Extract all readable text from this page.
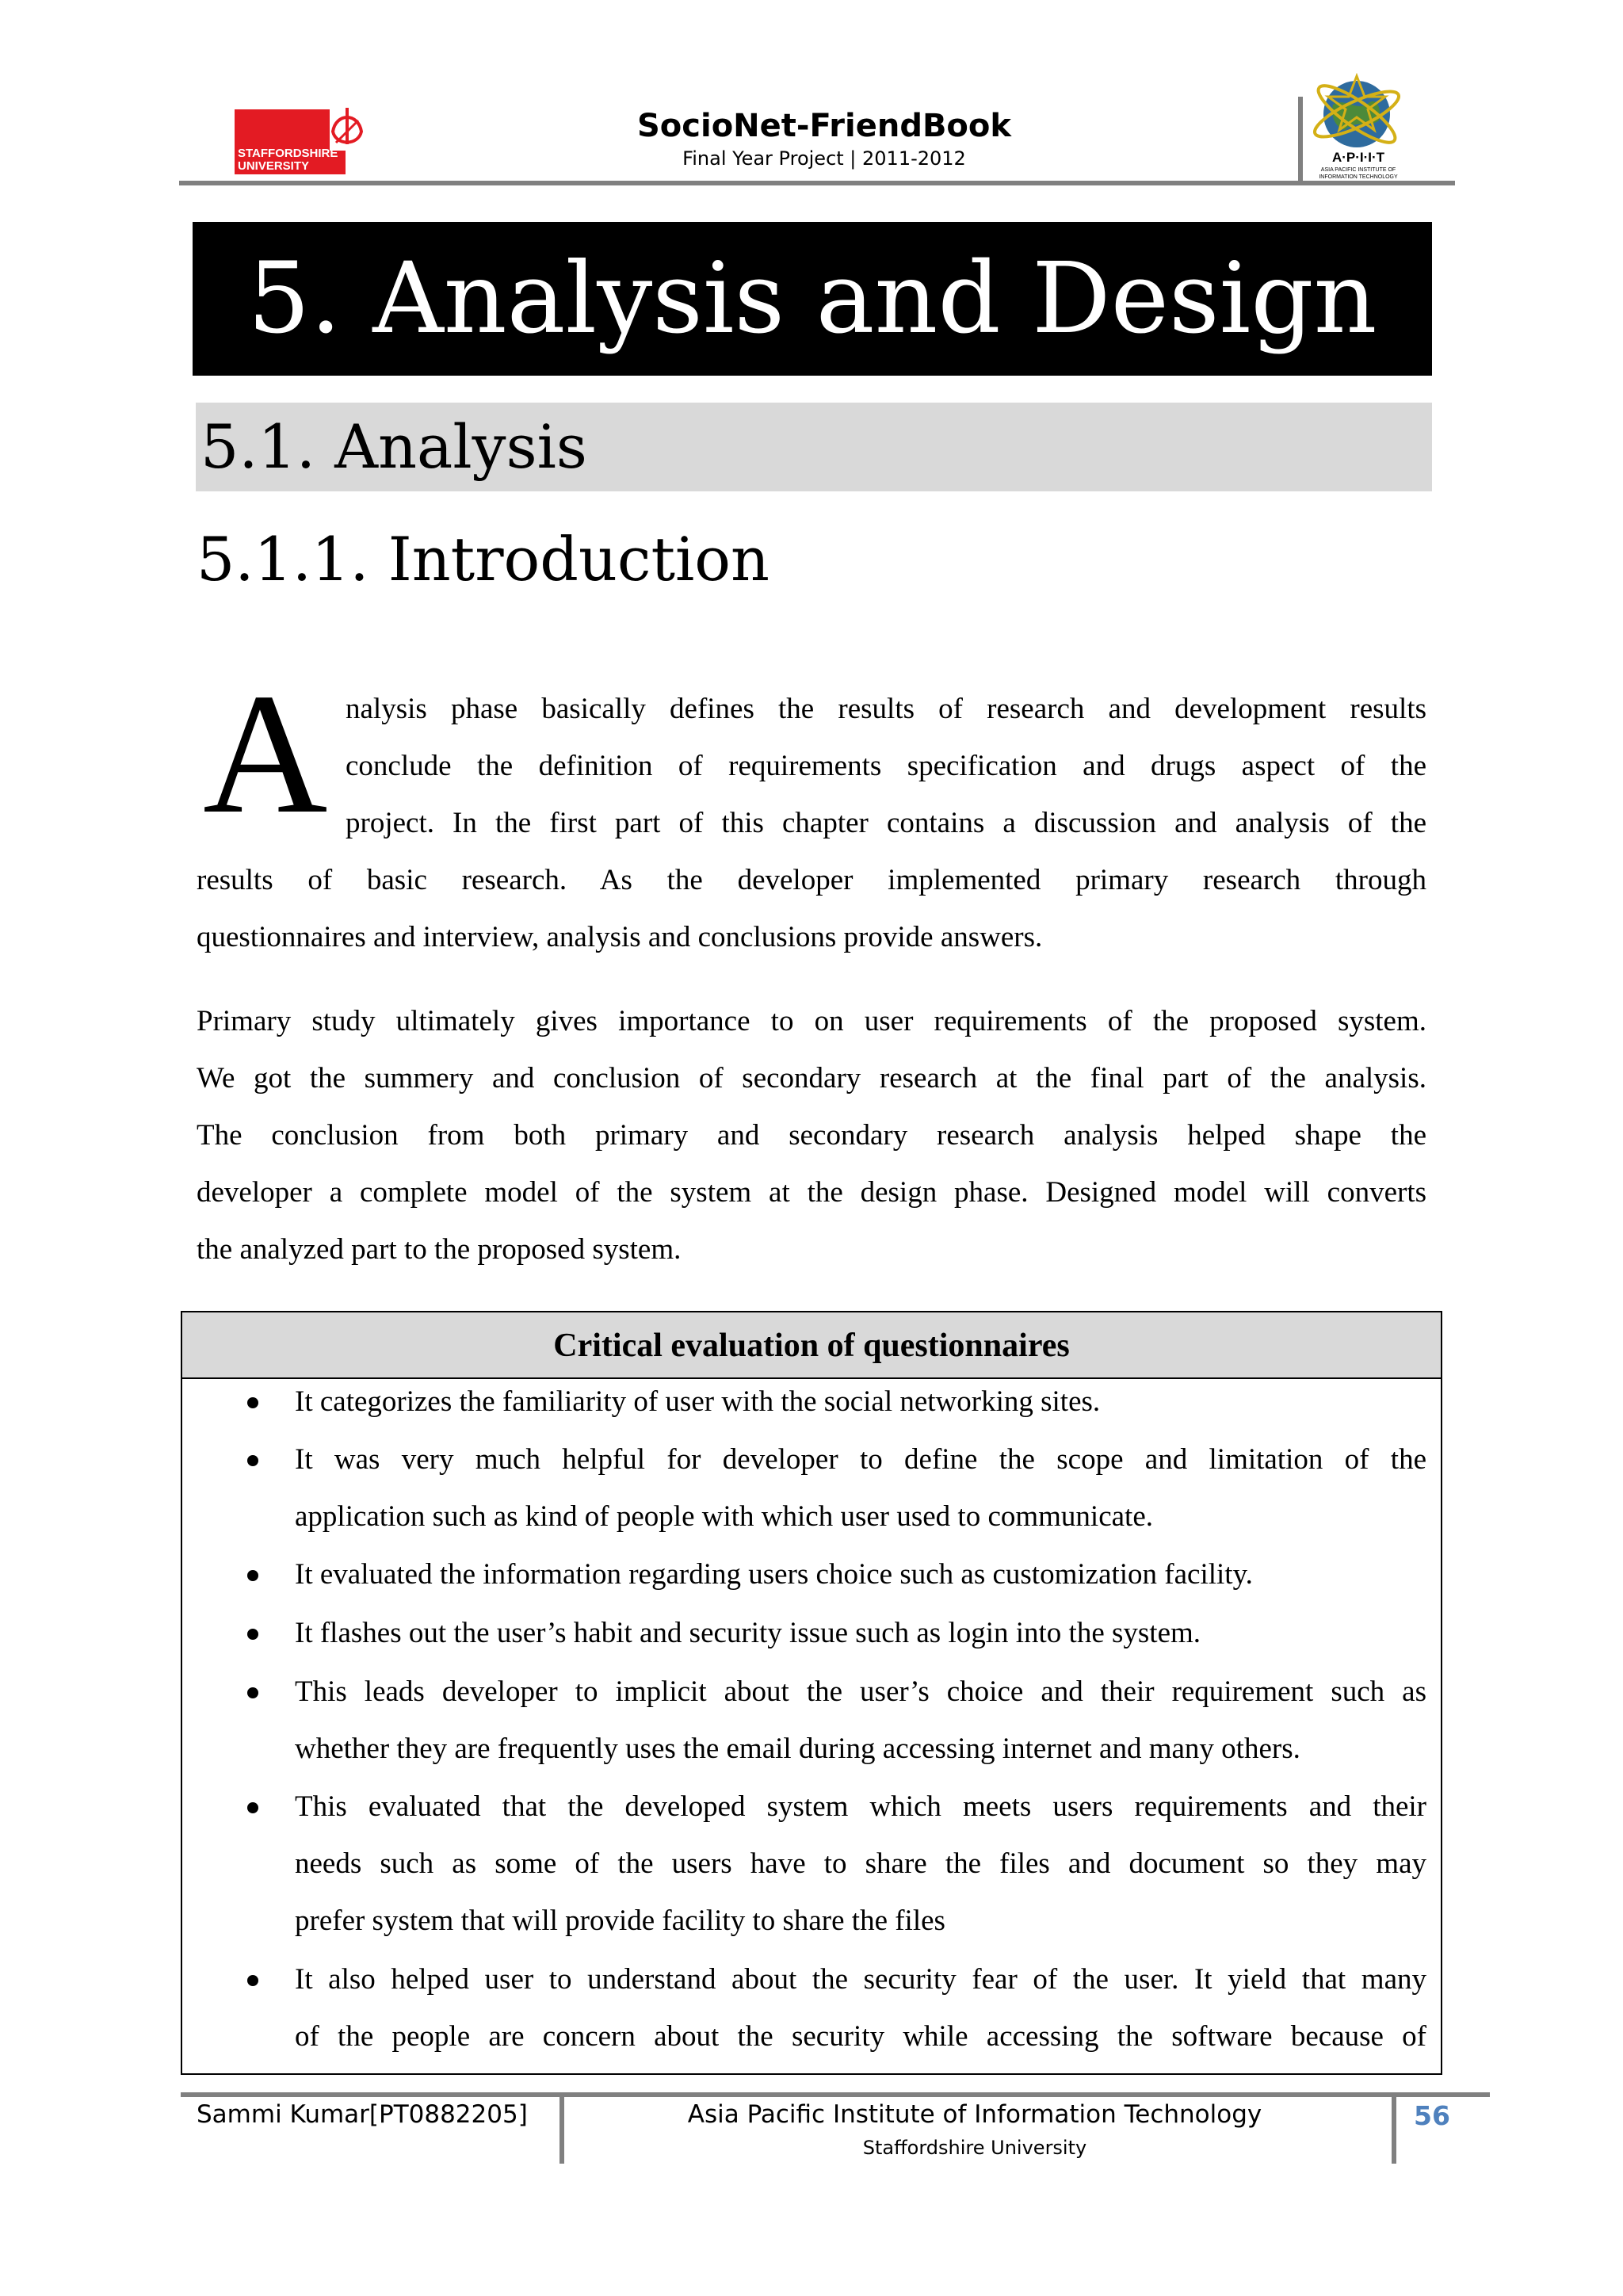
STAFFORDSHIRE
UNIVERSITY
SocioNet-FriendBook
Final Year Project | 2011-2012	A·P·I·I·T
ASIA PACIFIC INSTITUTE OF
INFORMATION TECHNOLOGY
5. Analysis and Design
5.1. Analysis
5.1.1. Introduction
A nalysis phase basically defines the results of research and development results
conclude the definition of requirements specification and drugs aspect of the
project. In the first part of this chapter contains a discussion and analysis of the
results of basic research. As the developer implemented primary research through
questionnaires and interview, analysis and conclusions provide answers.
Primary study ultimately gives importance to on user requirements of the proposed system.
We got the summery and conclusion of secondary research at the final part of the analysis.
The conclusion from both primary and secondary research analysis helped shape the
developer a complete model of the system at the design phase. Designed model will converts
the analyzed part to the proposed system.
Critical evaluation of questionnaires
It categorizes the familiarity of user with the social networking sites.
It was very much helpful for developer to define the scope and limitation of the
application such as kind of people with which user used to communicate.
It evaluated the information regarding users choice such as customization facility.
It flashes out the user’s habit and security issue such as login into the system.
This leads developer to implicit about the user’s choice and their requirement such as
whether they are frequently uses the email during accessing internet and many others.
This evaluated that the developed system which meets users requirements and their
needs such as some of the users have to share the files and document so they may
prefer system that will provide facility to share the files
It also helped user to understand about the security fear of the user. It yield that many
of the people are concern about the security while accessing the software because of
Sammi Kumar[PT0882205]	Asia Pacific Institute of Information Technology
Staffordshire University
56
